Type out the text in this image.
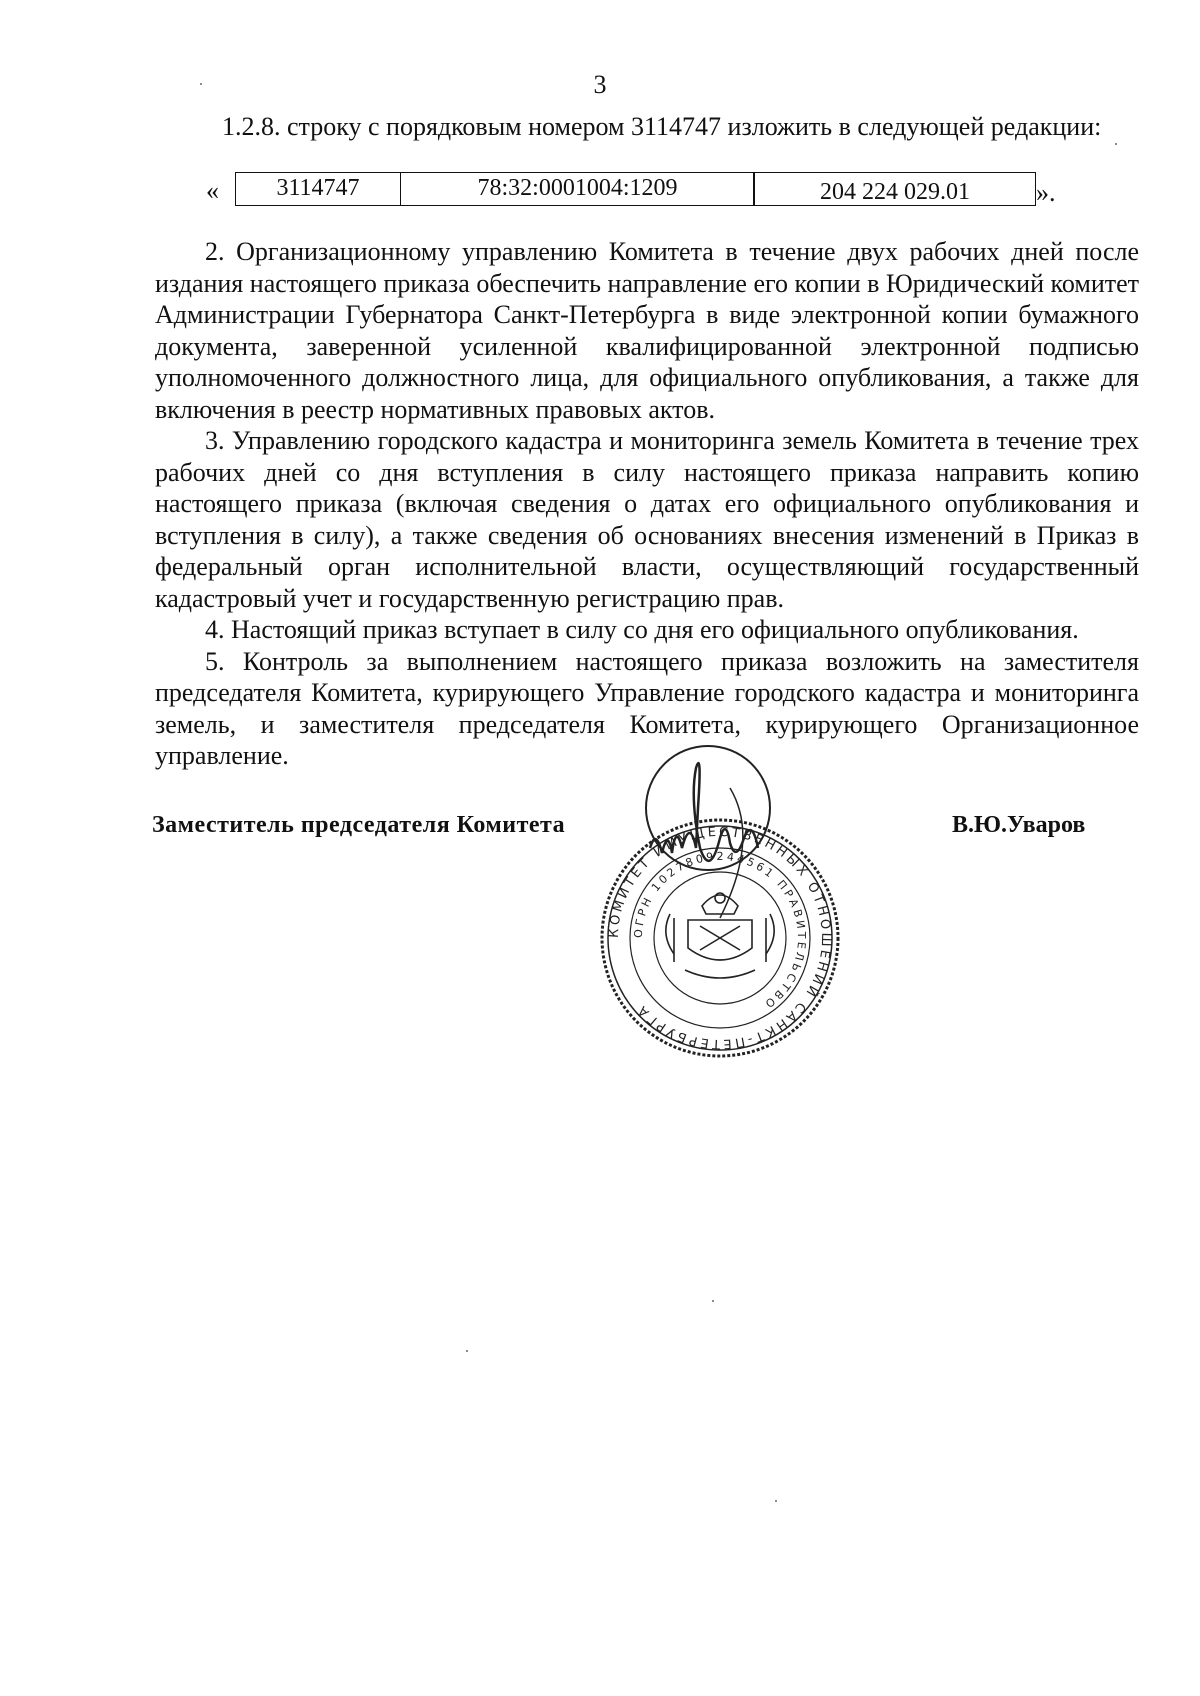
3
1.2.8. строку с порядковым номером 3114747 изложить в следующей редакции:
«	3114747	78:32:0001004:1209	204 224 029.01	».

2. Организационному управлению Комитета в течение двух рабочих дней после издания настоящего приказа обеспечить направление его копии в Юридический комитет Администрации Губернатора Санкт-Петербурга в виде электронной копии бумажного документа, заверенной усиленной квалифицированной электронной подписью уполномоченного должностного лица, для официального опубликования, а также для включения в реестр нормативных правовых актов.

3. Управлению городского кадастра и мониторинга земель Комитета в течение трех рабочих дней со дня вступления в силу настоящего приказа направить копию настоящего приказа (включая сведения о датах его официального опубликования и вступления в силу), а также сведения об основаниях внесения изменений в Приказ в федеральный орган исполнительной власти, осуществляющий государственный кадастровый учет и государственную регистрацию прав.

4. Настоящий приказ вступает в силу со дня его официального опубликования.

5. Контроль за выполнением настоящего приказа возложить на заместителя председателя Комитета, курирующего Управление городского кадастра и мониторинга земель, и заместителя председателя Комитета, курирующего Организационное управление.

Заместитель председателя Комитета	В.Ю.Уваров
КОМИТЕТ ИМУЩЕСТВЕННЫХ ОТНОШЕНИЙ САНКТ-ПЕТЕРБУРГА
ОГРН 1027809244561 ПРАВИТЕЛЬСТВО
